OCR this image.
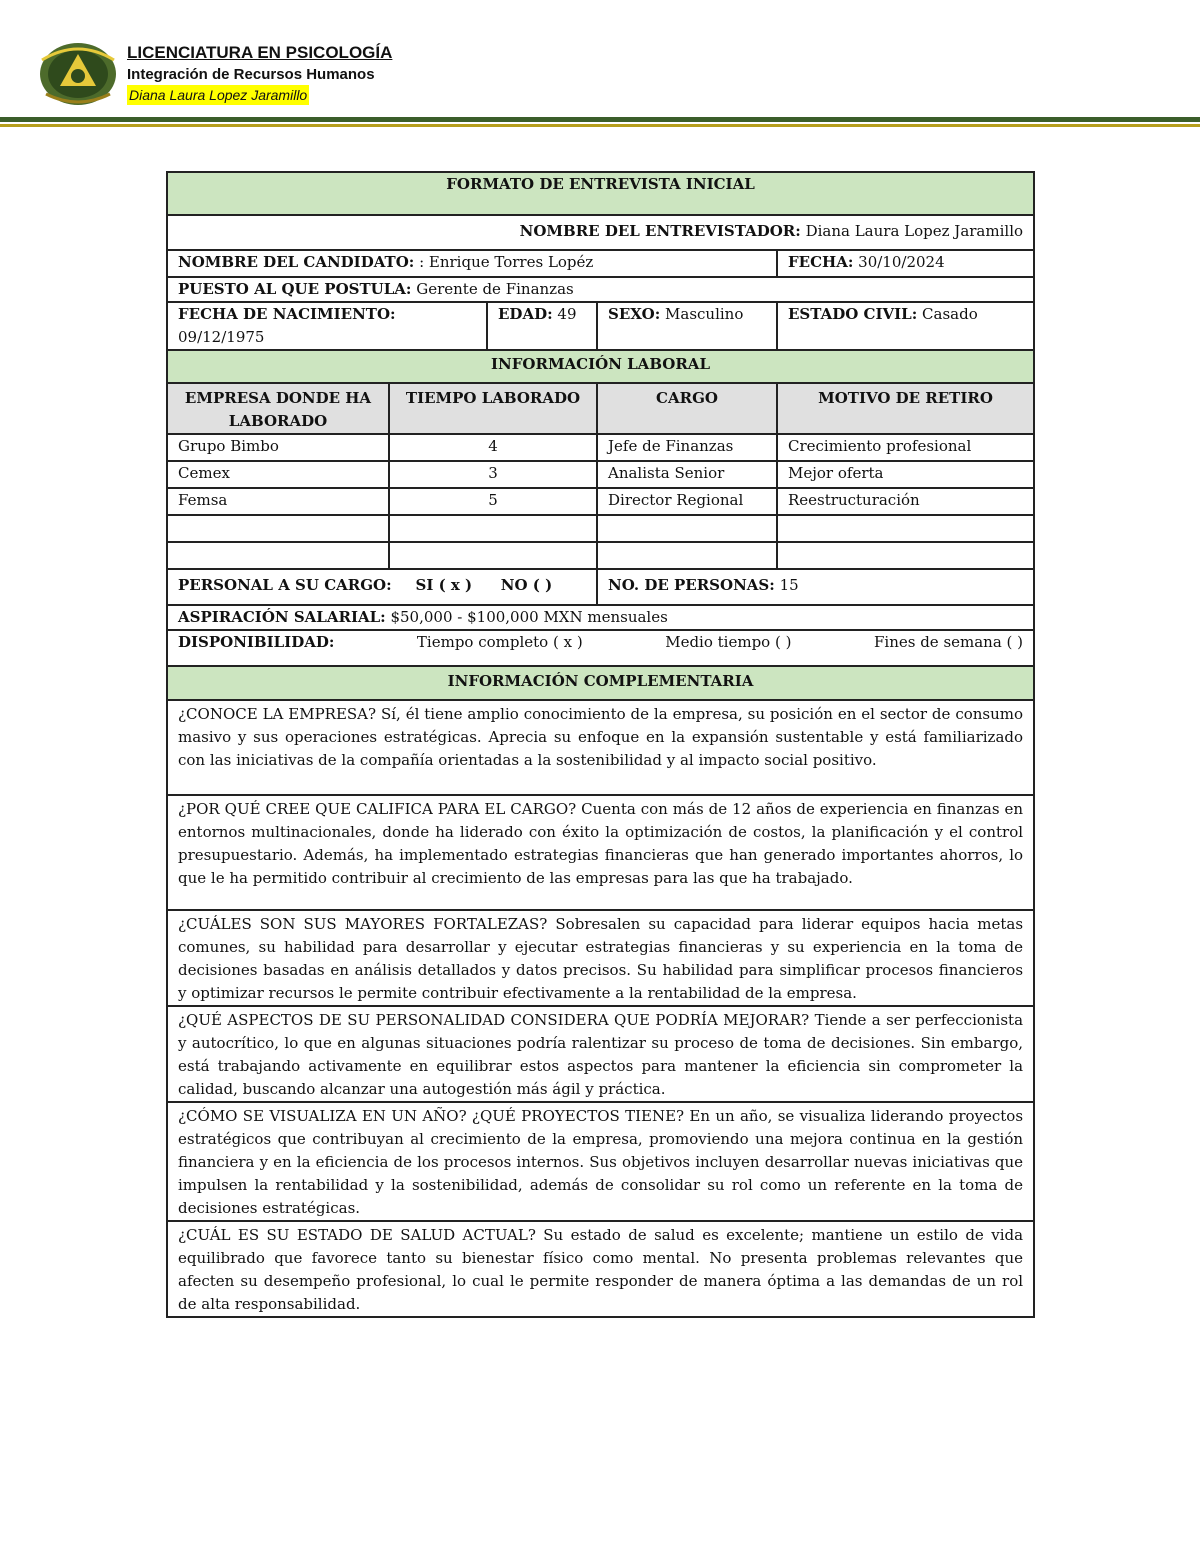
LICENCIATURA EN PSICOLOGÍA
Integración de Recursos Humanos
Diana Laura Lopez Jaramillo
FORMATO DE ENTREVISTA INICIAL				
NOMBRE DEL ENTREVISTADOR: Diana Laura Lopez Jaramillo				
NOMBRE DEL CANDIDATO: : Enrique Torres Lopéz				FECHA: 30/10/2024
PUESTO AL QUE POSTULA: Gerente de Finanzas				
FECHA DE NACIMIENTO:
09/12/1975		EDAD: 49	SEXO: Masculino	ESTADO CIVIL: Casado
INFORMACIÓN LABORAL				
EMPRESA DONDE HA LABORADO	TIEMPO LABORADO		CARGO	MOTIVO DE RETIRO
Grupo Bimbo	4		Jefe de Finanzas	Crecimiento profesional
Cemex	3		Analista Senior	Mejor oferta
Femsa	5		Director Regional	Reestructuración

PERSONAL A SU CARGO: SI ( x ) NO ( )			NO. DE PERSONAS: 15	
ASPIRACIÓN SALARIAL: $50,000 - $100,000 MXN mensuales				

DISPONIBILIDAD: Tiempo completo ( x ) Medio tiempo ( ) Fines de semana ( )				

INFORMACIÓN COMPLEMENTARIA				
¿CONOCE LA EMPRESA? Sí, él tiene amplio conocimiento de la empresa, su posición en el sector de consumo masivo y sus operaciones estratégicas. Aprecia su enfoque en la expansión sustentable y está familiarizado con las iniciativas de la compañía orientadas a la sostenibilidad y al impacto social positivo.				
¿POR QUÉ CREE QUE CALIFICA PARA EL CARGO? Cuenta con más de 12 años de experiencia en finanzas en entornos multinacionales, donde ha liderado con éxito la optimización de costos, la planificación y el control presupuestario. Además, ha implementado estrategias financieras que han generado importantes ahorros, lo que le ha permitido contribuir al crecimiento de las empresas para las que ha trabajado.				
¿CUÁLES SON SUS MAYORES FORTALEZAS? Sobresalen su capacidad para liderar equipos hacia metas comunes, su habilidad para desarrollar y ejecutar estrategias financieras y su experiencia en la toma de decisiones basadas en análisis detallados y datos precisos. Su habilidad para simplificar procesos financieros y optimizar recursos le permite contribuir efectivamente a la rentabilidad de la empresa.				
¿QUÉ ASPECTOS DE SU PERSONALIDAD CONSIDERA QUE PODRÍA MEJORAR? Tiende a ser perfeccionista y autocrítico, lo que en algunas situaciones podría ralentizar su proceso de toma de decisiones. Sin embargo, está trabajando activamente en equilibrar estos aspectos para mantener la eficiencia sin comprometer la calidad, buscando alcanzar una autogestión más ágil y práctica.				
¿CÓMO SE VISUALIZA EN UN AÑO? ¿QUÉ PROYECTOS TIENE? En un año, se visualiza liderando proyectos estratégicos que contribuyan al crecimiento de la empresa, promoviendo una mejora continua en la gestión financiera y en la eficiencia de los procesos internos. Sus objetivos incluyen desarrollar nuevas iniciativas que impulsen la rentabilidad y la sostenibilidad, además de consolidar su rol como un referente en la toma de decisiones estratégicas.				
¿CUÁL ES SU ESTADO DE SALUD ACTUAL? Su estado de salud es excelente; mantiene un estilo de vida equilibrado que favorece tanto su bienestar físico como mental. No presenta problemas relevantes que afecten su desempeño profesional, lo cual le permite responder de manera óptima a las demandas de un rol de alta responsabilidad.				
